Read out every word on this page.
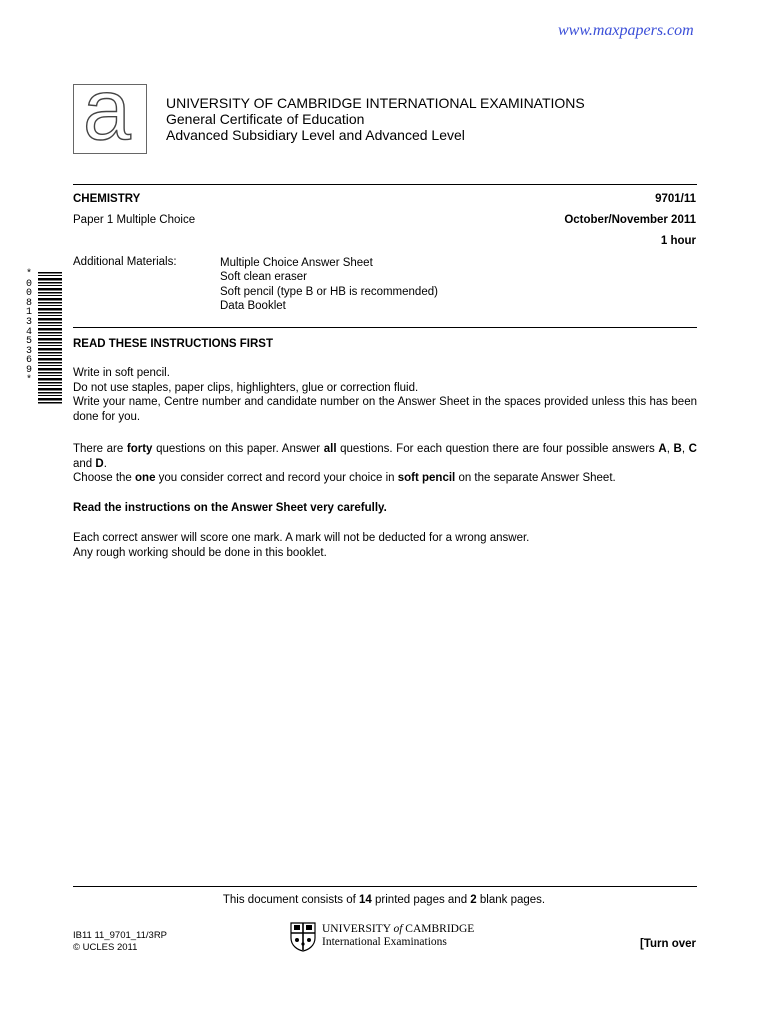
www.maxpapers.com
a	UNIVERSITY OF CAMBRIDGE INTERNATIONAL EXAMINATIONS
General Certificate of Education
Advanced Subsidiary Level and Advanced Level
CHEMISTRY	9701/11
Paper 1 Multiple Choice	October/November 2011
1 hour
Additional Materials:	Multiple Choice Answer Sheet
Soft clean eraser
Soft pencil (type B or HB is recommended)
Data Booklet
*
0
0
8
1
3
4
5
3
6
9
*
READ THESE INSTRUCTIONS FIRST

Write in soft pencil.

Do not use staples, paper clips, highlighters, glue or correction fluid.

Write your name, Centre number and candidate number on the Answer Sheet in the spaces provided unless this has been done for you.

There are forty questions on this paper. Answer all questions. For each question there are four possible answers A, B, C and D.

Choose the one you consider correct and record your choice in soft pencil on the separate Answer Sheet.

Read the instructions on the Answer Sheet very carefully.

Each correct answer will score one mark. A mark will not be deducted for a wrong answer.

Any rough working should be done in this booklet.

This document consists of 14 printed pages and 2 blank pages.
IB11 11_9701_11/3RP
© UCLES 2011
UNIVERSITY of CAMBRIDGE
International Examinations	[Turn over
